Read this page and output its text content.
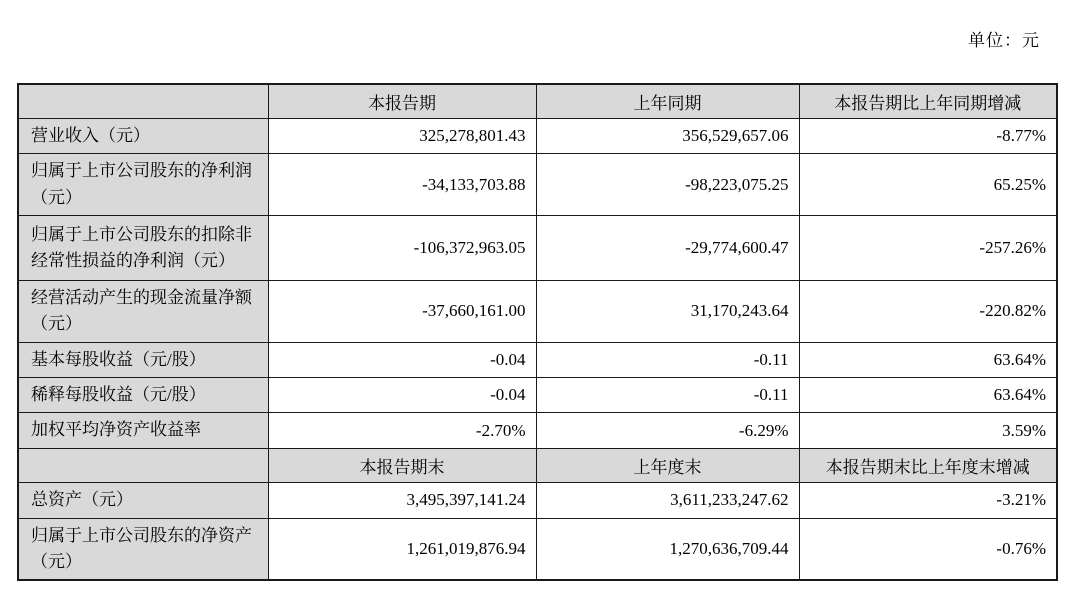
单位：元
	本报告期	上年同期	本报告期比上年同期增减
营业收入（元）	325,278,801.43	356,529,657.06	-8.77%
归属于上市公司股东的净利润（元）	-34,133,703.88	-98,223,075.25	65.25%
归属于上市公司股东的扣除非经常性损益的净利润（元）	-106,372,963.05	-29,774,600.47	-257.26%
经营活动产生的现金流量净额（元）	-37,660,161.00	31,170,243.64	-220.82%
基本每股收益（元/股）	-0.04	-0.11	63.64%
稀释每股收益（元/股）	-0.04	-0.11	63.64%
加权平均净资产收益率	-2.70%	-6.29%	3.59%
	本报告期末	上年度末	本报告期末比上年度末增减
总资产（元）	3,495,397,141.24	3,611,233,247.62	-3.21%
归属于上市公司股东的净资产（元）	1,261,019,876.94	1,270,636,709.44	-0.76%
